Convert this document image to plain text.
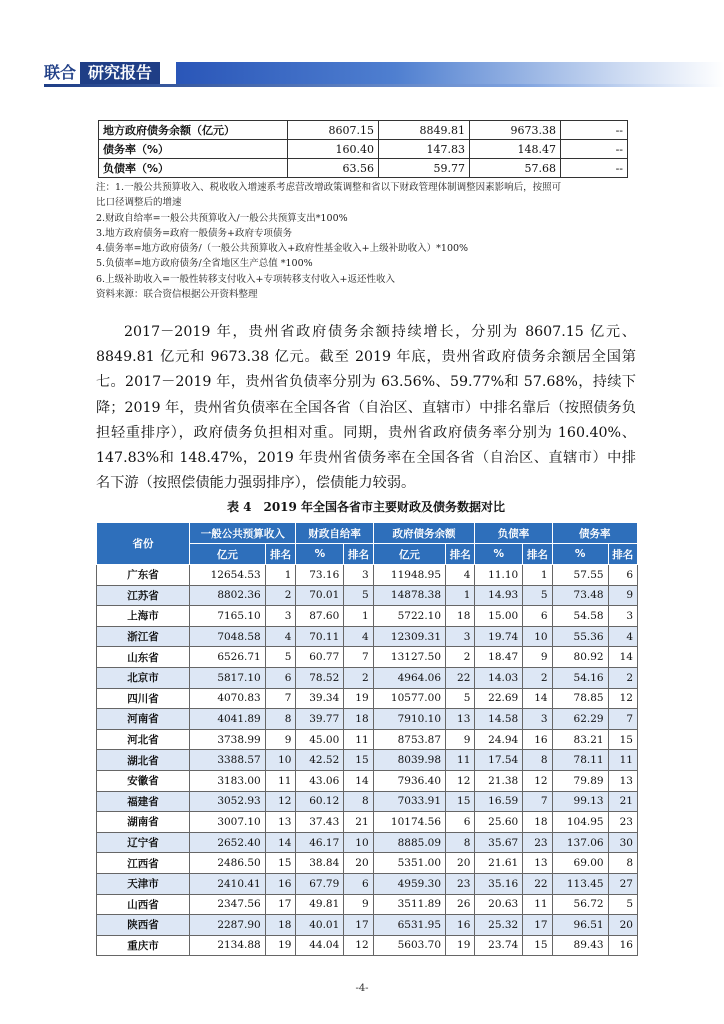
联合 研究报告
地方政府债务余额（亿元）	8607.15	8849.81	9673.38	--
债务率（%）	160.40	147.83	148.47	--
负债率（%）	63.56	59.77	57.68	--
注：1.一般公共预算收入、税收收入增速系考虑营改增政策调整和省以下财政管理体制调整因素影响后，按照可
比口径调整后的增速
2.财政自给率=一般公共预算收入/一般公共预算支出*100%
3.地方政府债务=政府一般债务+政府专项债务
4.债务率=地方政府债务/（一般公共预算收入+政府性基金收入+上级补助收入）*100%
5.负债率=地方政府债务/全省地区生产总值 *100%
6.上级补助收入=一般性转移支付收入+专项转移支付收入+返还性收入
资料来源：联合资信根据公开资料整理
2017－2019 年，贵州省政府债务余额持续增长，分别为 8607.15 亿元、8849.81 亿元和 9673.38 亿元。截至 2019 年底，贵州省政府债务余额居全国第七。2017－2019 年，贵州省负债率分别为 63.56%、59.77%和 57.68%，持续下降；2019 年，贵州省负债率在全国各省（自治区、直辖市）中排名靠后（按照债务负担轻重排序），政府债务负担相对重。同期，贵州省政府债务率分别为 160.40%、147.83%和 148.47%，2019 年贵州省债务率在全国各省（自治区、直辖市）中排名下游（按照偿债能力强弱排序），偿债能力较弱。
表 4　2019 年全国各省市主要财政及债务数据对比
省份	一般公共预算收入		财政自给率		政府债务余额		负债率		债务率	
	亿元	排名	%	排名	亿元	排名	%	排名	%	排名
广东省	12654.53	1	73.16	3	11948.95	4	11.10	1	57.55	6
江苏省	8802.36	2	70.01	5	14878.38	1	14.93	5	73.48	9
上海市	7165.10	3	87.60	1	5722.10	18	15.00	6	54.58	3
浙江省	7048.58	4	70.11	4	12309.31	3	19.74	10	55.36	4
山东省	6526.71	5	60.77	7	13127.50	2	18.47	9	80.92	14
北京市	5817.10	6	78.52	2	4964.06	22	14.03	2	54.16	2
四川省	4070.83	7	39.34	19	10577.00	5	22.69	14	78.85	12
河南省	4041.89	8	39.77	18	7910.10	13	14.58	3	62.29	7
河北省	3738.99	9	45.00	11	8753.87	9	24.94	16	83.21	15
湖北省	3388.57	10	42.52	15	8039.98	11	17.54	8	78.11	11
安徽省	3183.00	11	43.06	14	7936.40	12	21.38	12	79.89	13
福建省	3052.93	12	60.12	8	7033.91	15	16.59	7	99.13	21
湖南省	3007.10	13	37.43	21	10174.56	6	25.60	18	104.95	23
辽宁省	2652.40	14	46.17	10	8885.09	8	35.67	23	137.06	30
江西省	2486.50	15	38.84	20	5351.00	20	21.61	13	69.00	8
天津市	2410.41	16	67.79	6	4959.30	23	35.16	22	113.45	27
山西省	2347.56	17	49.81	9	3511.89	26	20.63	11	56.72	5
陕西省	2287.90	18	40.01	17	6531.95	16	25.32	17	96.51	20
重庆市	2134.88	19	44.04	12	5603.70	19	23.74	15	89.43	16
-4-
